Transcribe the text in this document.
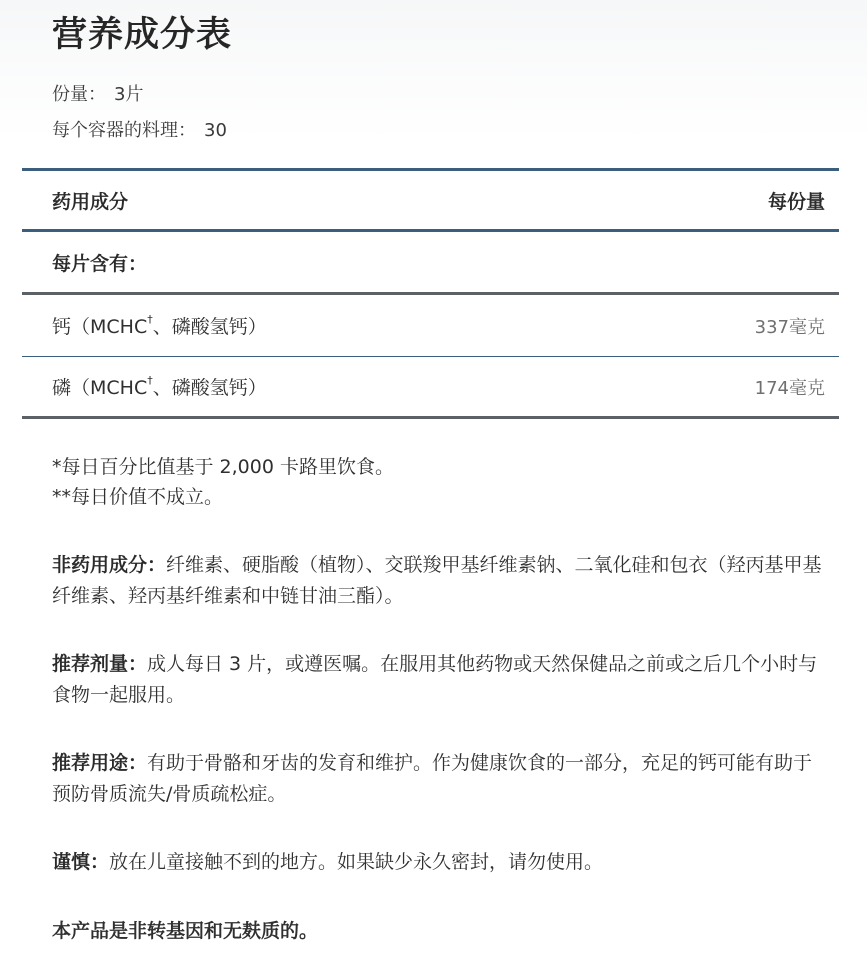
营养成分表
份量： 3片
每个容器的料理： 30
药用成分	每份量
每片含有：
钙（MCHC†、磷酸氢钙）	337毫克
磷（MCHC†、磷酸氢钙）	174毫克

*每日百分比值基于 2,000 卡路里饮食。

**每日价值不成立。

非药用成分：纤维素、硬脂酸（植物）、交联羧甲基纤维素钠、二氧化硅和包衣（羟丙基甲基纤维素、羟丙基纤维素和中链甘油三酯）。

推荐剂量：成人每日 3 片，或遵医嘱。在服用其他药物或天然保健品之前或之后几个小时与食物一起服用。

推荐用途：有助于骨骼和牙齿的发育和维护。作为健康饮食的一部分，充足的钙可能有助于预防骨质流失/骨质疏松症。

谨慎：放在儿童接触不到的地方。如果缺少永久密封，请勿使用。

本产品是非转基因和无麸质的。
